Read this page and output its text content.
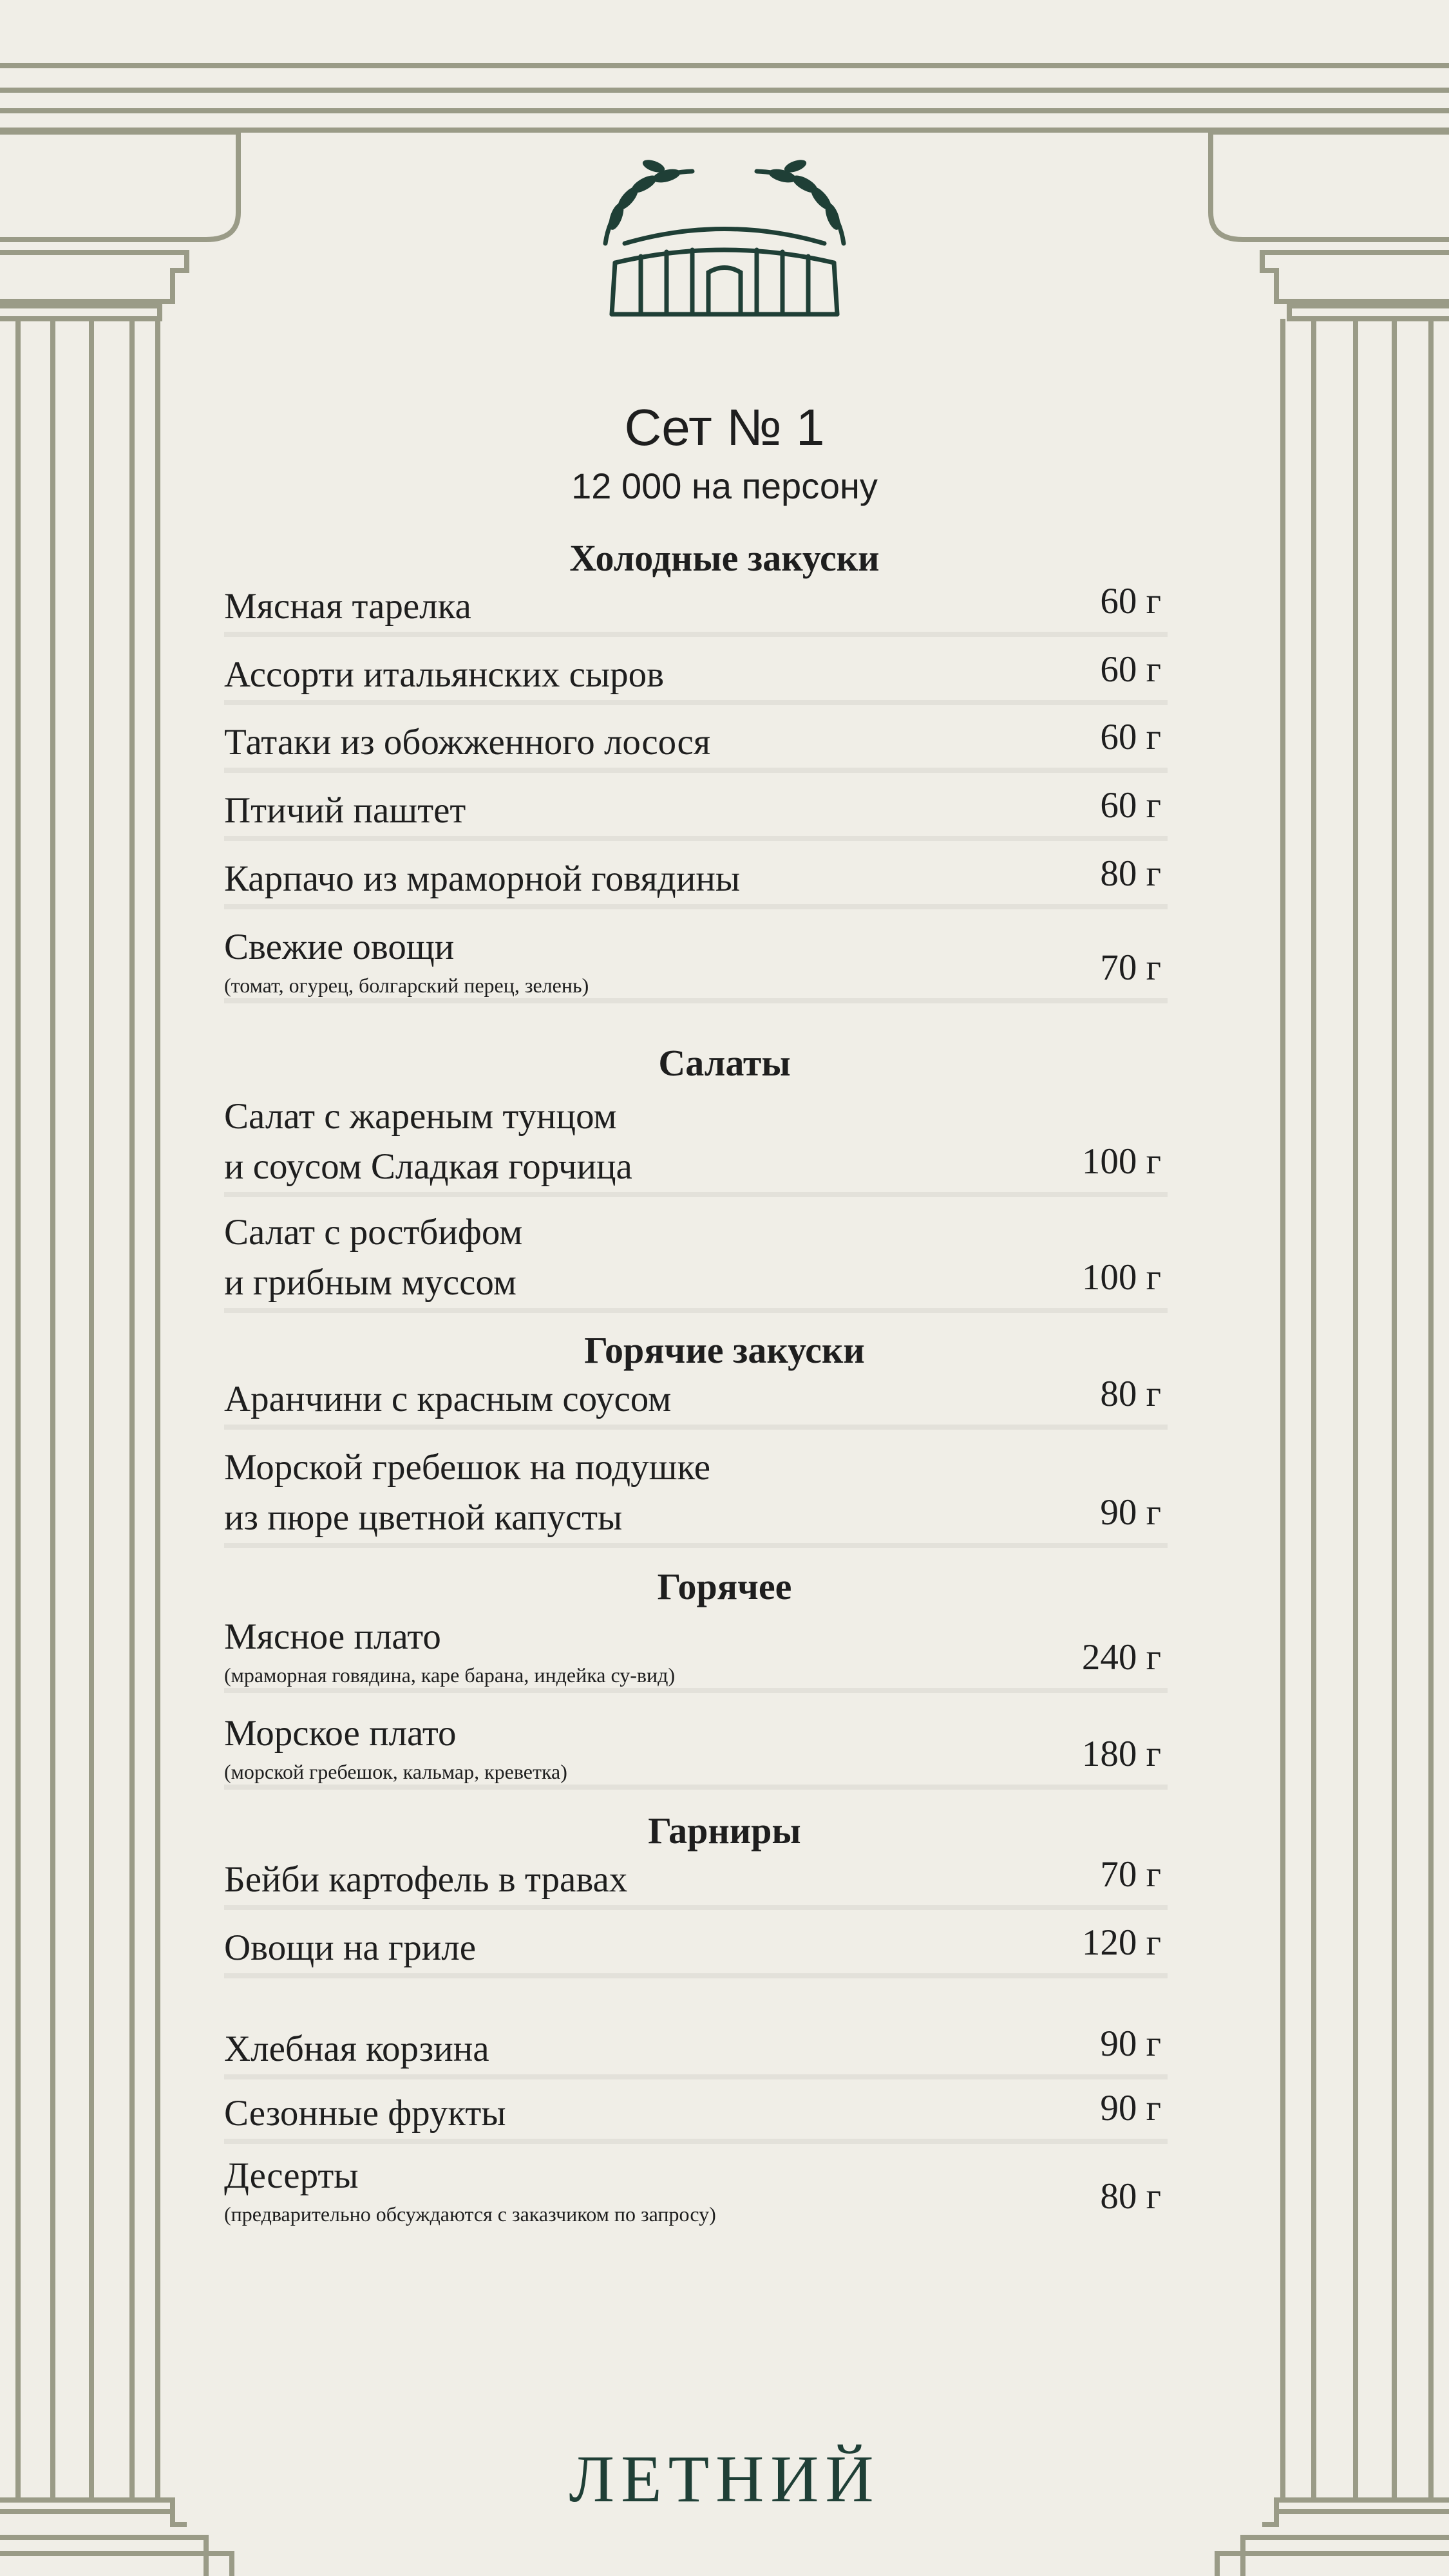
Сет № 1
12 000 на персону
Холодные закуски
Мясная тарелка	60 г
Ассорти итальянских сыров	60 г
Татаки из обожженного лосося	60 г
Птичий паштет	60 г
Карпачо из мраморной говядины	80 г
Свежие овощи
(томат, огурец, болгарский перец, зелень)	70 г
Салаты
Салат с жареным тунцом
и соусом Сладкая горчица	100 г
Салат с ростбифом
и грибным муссом	100 г
Горячие закуски
Аранчини с красным соусом	80 г
Морской гребешок на подушке
из пюре цветной капусты	90 г
Горячее
Мясное плато
(мраморная говядина, каре барана, индейка су-вид)	240 г
Морское плато
(морской гребешок, кальмар, креветка)	180 г
Гарниры
Бейби картофель в травах	70 г
Овощи на гриле	120 г
Хлебная корзина	90 г
Сезонные фрукты	90 г
Десерты
(предварительно обсуждаются с заказчиком по запросу)	80 г
ЛЕТНИЙ
